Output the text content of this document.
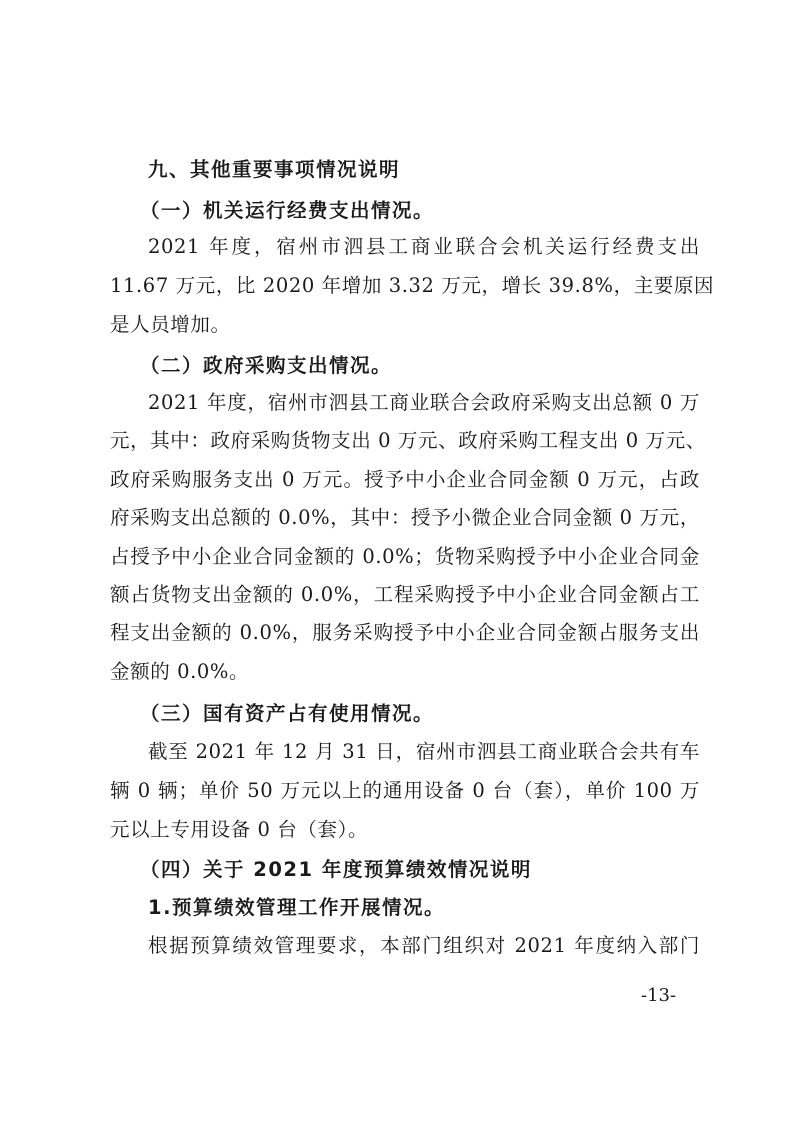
九、其他重要事项情况说明
（一）机关运行经费支出情况。
2021 年度，宿州市泗县工商业联合会机关运行经费支出
11.67 万元，比 2020 年增加 3.32 万元，增长 39.8%，主要原因
是人员增加。
（二）政府采购支出情况。
2021 年度，宿州市泗县工商业联合会政府采购支出总额 0 万
元，其中：政府采购货物支出 0 万元、政府采购工程支出 0 万元、
政府采购服务支出 0 万元。授予中小企业合同金额 0 万元，占政
府采购支出总额的 0.0%，其中：授予小微企业合同金额 0 万元，
占授予中小企业合同金额的 0.0%；货物采购授予中小企业合同金
额占货物支出金额的 0.0%，工程采购授予中小企业合同金额占工
程支出金额的 0.0%，服务采购授予中小企业合同金额占服务支出
金额的 0.0%。
（三）国有资产占有使用情况。
截至 2021 年 12 月 31 日，宿州市泗县工商业联合会共有车
辆 0 辆；单价 50 万元以上的通用设备 0 台（套），单价 100 万
元以上专用设备 0 台（套）。
（四）关于 2021 年度预算绩效情况说明
1.预算绩效管理工作开展情况。
根据预算绩效管理要求，本部门组织对 2021 年度纳入部门
-13-
